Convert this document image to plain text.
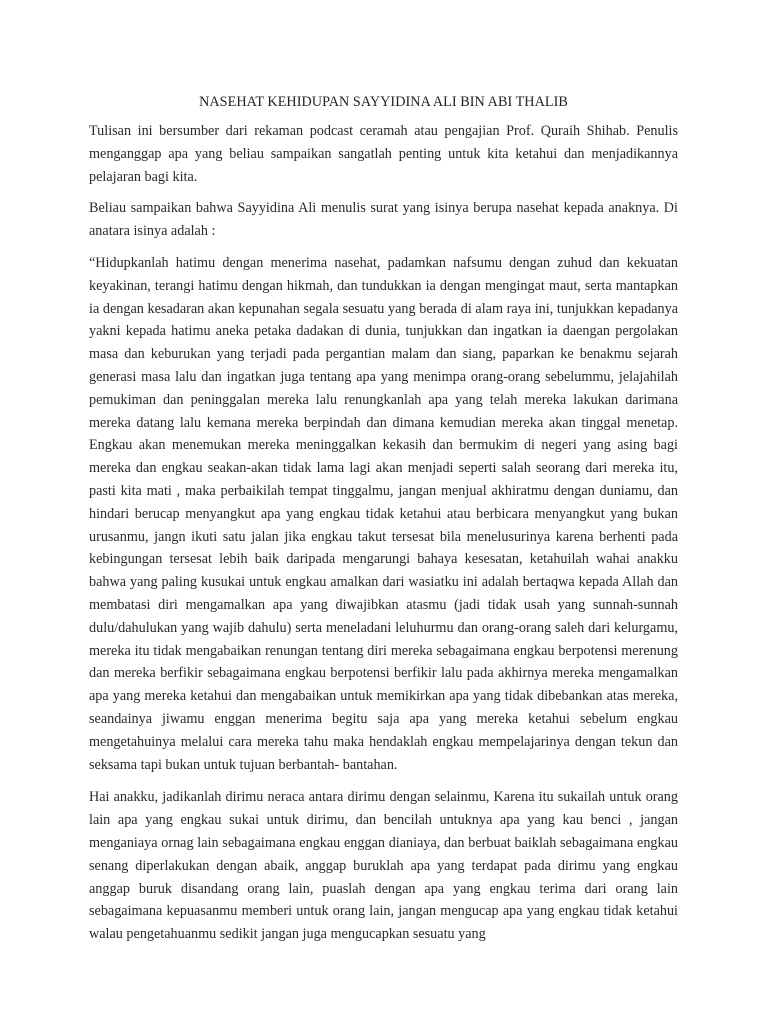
NASEHAT KEHIDUPAN SAYYIDINA ALI BIN ABI THALIB

Tulisan ini bersumber dari rekaman podcast ceramah atau pengajian Prof. Quraih Shihab. Penulis menganggap apa yang beliau sampaikan sangatlah penting untuk kita ketahui dan menjadikannya pelajaran bagi kita.

Beliau sampaikan bahwa Sayyidina Ali menulis surat yang isinya berupa nasehat kepada anaknya. Di anatara isinya adalah :

“Hidupkanlah hatimu dengan menerima nasehat, padamkan nafsumu dengan zuhud dan kekuatan keyakinan, terangi hatimu dengan hikmah, dan tundukkan ia dengan mengingat maut, serta mantapkan ia dengan kesadaran akan kepunahan segala sesuatu yang berada di alam raya ini, tunjukkan kepadanya yakni kepada hatimu aneka petaka dadakan di dunia, tunjukkan dan ingatkan ia daengan pergolakan masa dan keburukan yang terjadi pada pergantian malam dan siang, paparkan ke benakmu sejarah generasi masa lalu dan ingatkan juga tentang apa yang menimpa orang-orang sebelummu, jelajahilah pemukiman dan peninggalan mereka lalu renungkanlah apa yang telah mereka lakukan darimana mereka datang lalu kemana mereka berpindah dan dimana kemudian mereka akan tinggal menetap. Engkau akan menemukan mereka meninggalkan kekasih dan bermukim di negeri yang asing bagi mereka dan engkau seakan-akan tidak lama lagi akan menjadi seperti salah seorang dari mereka itu, pasti kita mati , maka perbaikilah tempat tinggalmu, jangan menjual akhiratmu dengan duniamu, dan hindari berucap menyangkut apa yang engkau tidak ketahui atau berbicara menyangkut yang bukan urusanmu, jangn ikuti satu jalan jika engkau takut tersesat bila menelusurinya karena berhenti pada kebingungan tersesat lebih baik daripada mengarungi bahaya kesesatan, ketahuilah wahai anakku bahwa yang paling kusukai untuk engkau amalkan dari wasiatku ini adalah bertaqwa kepada Allah dan membatasi diri mengamalkan apa yang diwajibkan atasmu (jadi tidak usah yang sunnah-sunnah dulu/dahulukan yang wajib dahulu) serta meneladani leluhurmu dan orang-orang saleh dari kelurgamu, mereka itu tidak mengabaikan renungan tentang diri mereka sebagaimana engkau berpotensi merenung dan mereka berfikir sebagaimana engkau berpotensi berfikir lalu pada akhirnya mereka mengamalkan apa yang mereka ketahui dan mengabaikan untuk memikirkan apa yang tidak dibebankan atas mereka, seandainya jiwamu enggan menerima begitu saja apa yang mereka ketahui sebelum engkau mengetahuinya melalui cara mereka tahu maka hendaklah engkau mempelajarinya dengan tekun dan seksama tapi bukan untuk tujuan berbantah- bantahan.

Hai anakku, jadikanlah dirimu neraca antara dirimu dengan selainmu, Karena itu sukailah untuk orang lain apa yang engkau sukai untuk dirimu, dan bencilah untuknya apa yang kau benci , jangan menganiaya ornag lain sebagaimana engkau enggan dianiaya, dan berbuat baiklah sebagaimana engkau senang diperlakukan dengan abaik, anggap buruklah apa yang terdapat pada dirimu yang engkau anggap buruk disandang orang lain, puaslah dengan apa yang engkau terima dari orang lain sebagaimana kepuasanmu memberi untuk orang lain, jangan mengucap apa yang engkau tidak ketahui walau pengetahuanmu sedikit jangan juga mengucapkan sesuatu yang
